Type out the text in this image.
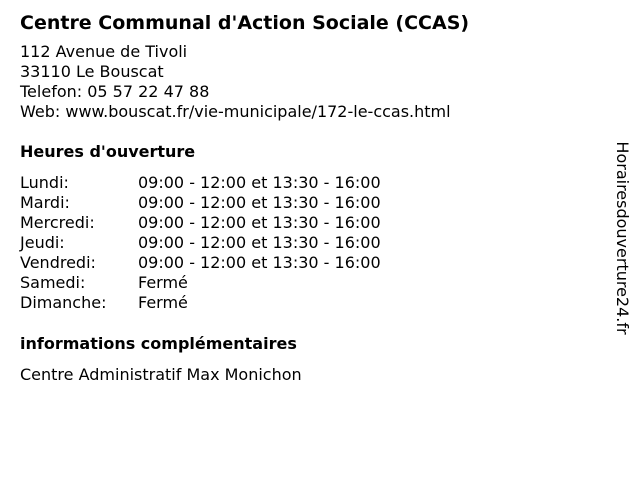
Centre Communal d'Action Sociale (CCAS)
112 Avenue de Tivoli
33110 Le Bouscat
Telefon: 05 57 22 47 88
Web: www.bouscat.fr/vie-municipale/172-le-ccas.html
Heures d'ouverture
Lundi:	09:00 - 12:00 et 13:30 - 16:00
Mardi:	09:00 - 12:00 et 13:30 - 16:00
Mercredi:	09:00 - 12:00 et 13:30 - 16:00
Jeudi:	09:00 - 12:00 et 13:30 - 16:00
Vendredi:	09:00 - 12:00 et 13:30 - 16:00
Samedi:	Fermé
Dimanche:	Fermé
informations complémentaires
Centre Administratif Max Monichon
Horairesdouverture24.fr
